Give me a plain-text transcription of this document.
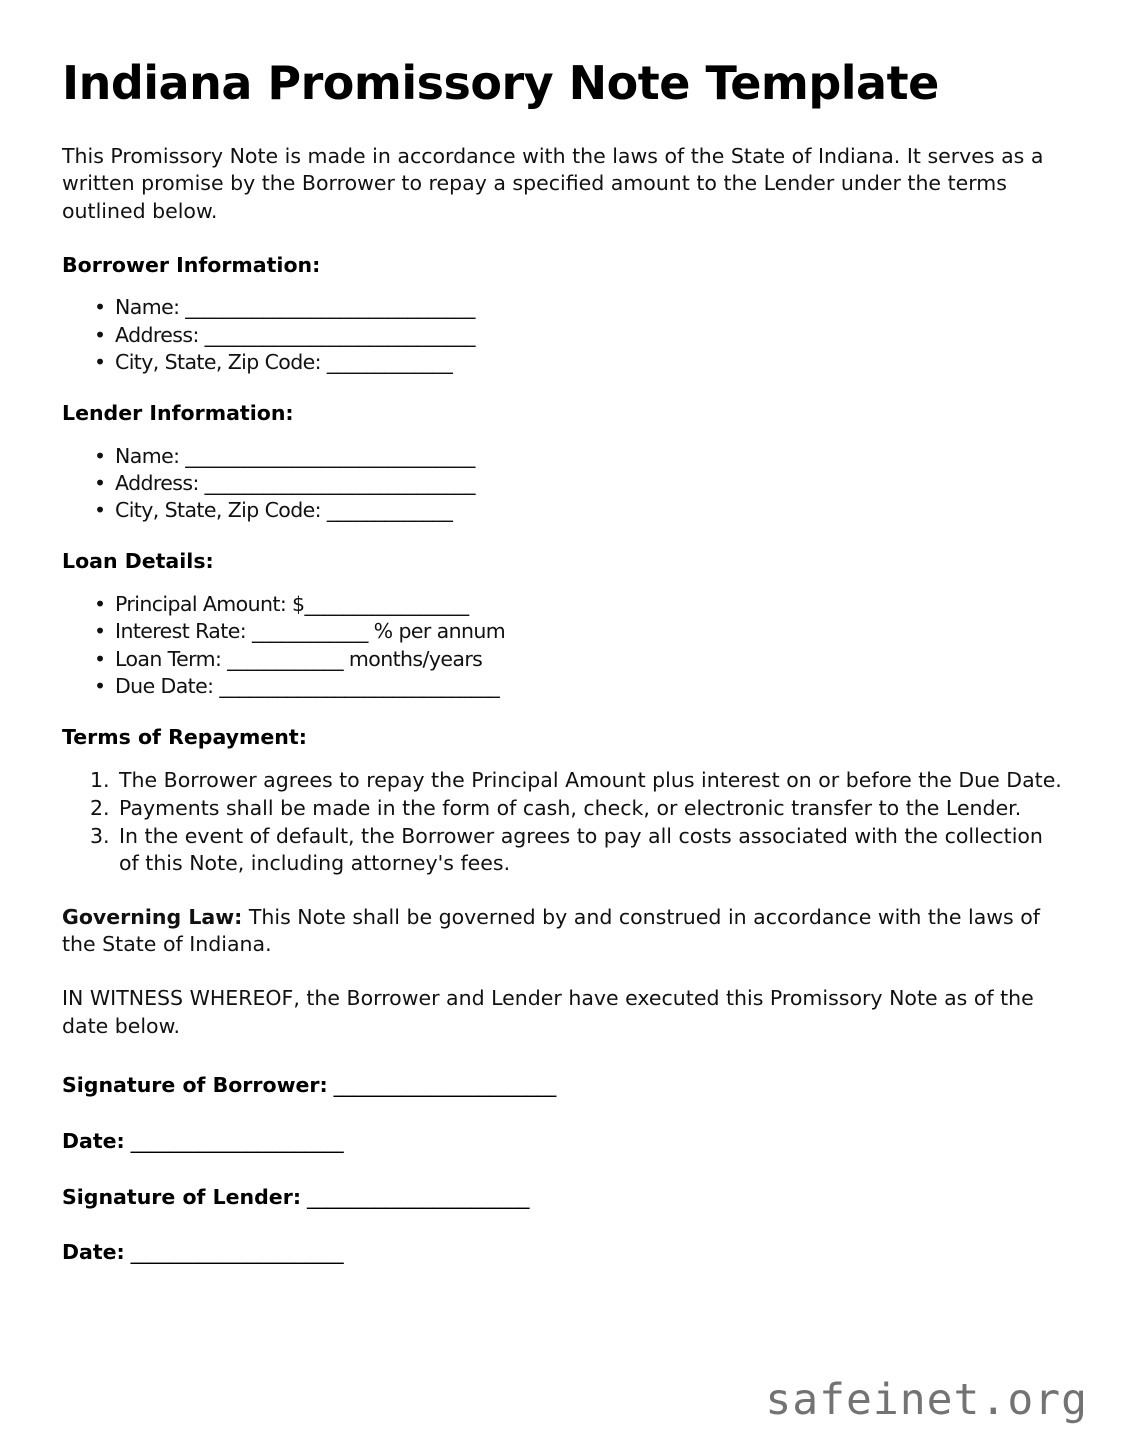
Indiana Promissory Note Template

This Promissory Note is made in accordance with the laws of the State of Indiana. It serves as a written promise by the Borrower to repay a specified amount to the Lender under the terms outlined below.

Borrower Information:
• Name: ______________________________
• Address: ____________________________
• City, State, Zip Code: _____________
Lender Information:
• Name: ______________________________
• Address: ____________________________
• City, State, Zip Code: _____________
Loan Details:
• Principal Amount: $_________________
• Interest Rate: ____________ % per annum
• Loan Term: ____________ months/years
• Due Date: _____________________________
Terms of Repayment:
The Borrower agrees to repay the Principal Amount plus interest on or before the Due Date.
Payments shall be made in the form of cash, check, or electronic transfer to the Lender.
In the event of default, the Borrower agrees to pay all costs associated with the collection of this Note, including attorney's fees.

Governing Law: This Note shall be governed by and construed in accordance with the laws of the State of Indiana.

IN WITNESS WHEREOF, the Borrower and Lender have executed this Promissory Note as of the date below.

Signature of Borrower: _______________________
Date: ______________________
Signature of Lender: _______________________
Date: ______________________
safeinet.org
